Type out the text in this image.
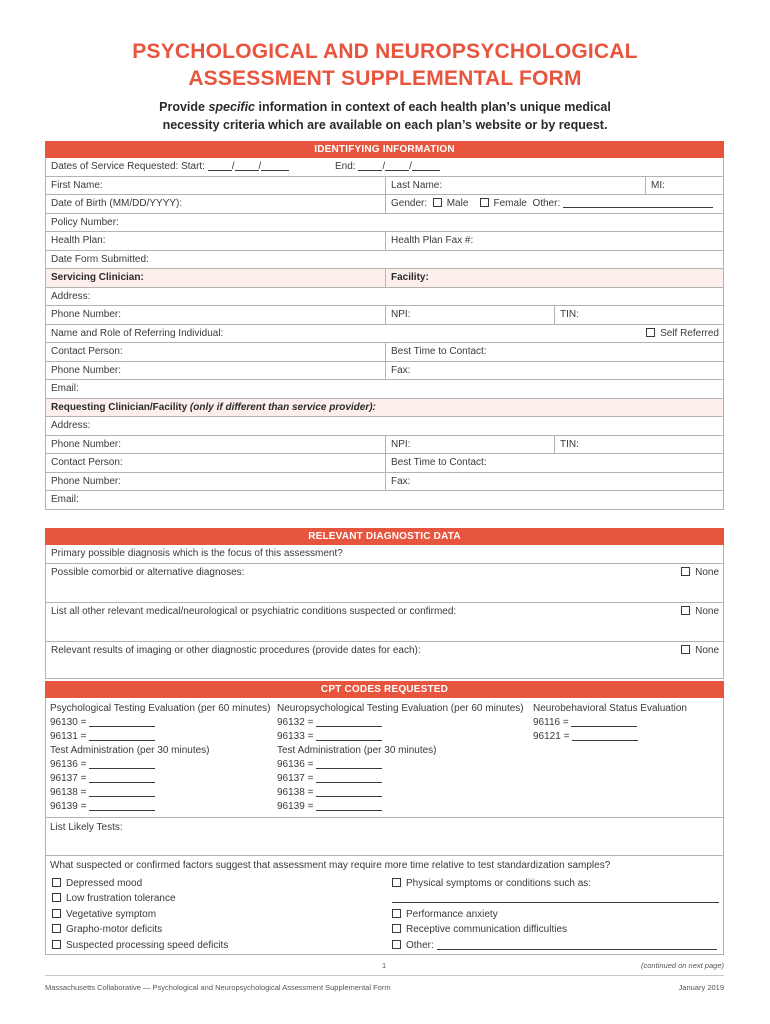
PSYCHOLOGICAL AND NEUROPSYCHOLOGICAL
ASSESSMENT SUPPLEMENTAL FORM
Provide specific information in context of each health plan’s unique medical
necessity criteria which are available on each plan’s website or by request.
IDENTIFYING INFORMATION
Dates of Service Requested: Start:	/ /	End:	/ /
First Name:	Last Name:	MI:
Date of Birth (MM/DD/YYYY):	Gender: Male	Female Other:
Policy Number:
Health Plan:	Health Plan Fax #:
Date Form Submitted:
Servicing Clinician:	Facility:
Address:
Phone Number:	NPI:	TIN:
Name and Role of Referring Individual:	Self Referred
Contact Person:	Best Time to Contact:
Phone Number:	Fax:
Email:
Requesting Clinician/Facility (only if different than service provider):
Address:
Phone Number:	NPI:	TIN:
Contact Person:	Best Time to Contact:
Phone Number:	Fax:
Email:
RELEVANT DIAGNOSTIC DATA
Primary possible diagnosis which is the focus of this assessment?
Possible comorbid or alternative diagnoses:	None
List all other relevant medical/neurological or psychiatric conditions suspected or confirmed:	None
Relevant results of imaging or other diagnostic procedures (provide dates for each):	None
CPT CODES REQUESTED
Psychological Testing Evaluation (per 60 minutes)
96130 =
96131 =
Test Administration (per 30 minutes)
96136 =
96137 =
96138 =
96139 =
Neuropsychological Testing Evaluation (per 60 minutes)
96132 =
96133 =
Test Administration (per 30 minutes)
96136 =
96137 =
96138 =
96139 =
Neurobehavioral Status Evaluation
96116 =
96121 =
List Likely Tests:
What suspected or confirmed factors suggest that assessment may require more time relative to test standardization samples?
Depressed mood
Low frustration tolerance
Vegetative symptom
Grapho-motor deficits
Suspected processing speed deficits
Physical symptoms or conditions such as:
Performance anxiety
Receptive communication difficulties
Other:
1	(continued on next page)
Massachusetts Collaborative — Psychological and Neuropsychological Assessment Supplemental Form	January 2019
